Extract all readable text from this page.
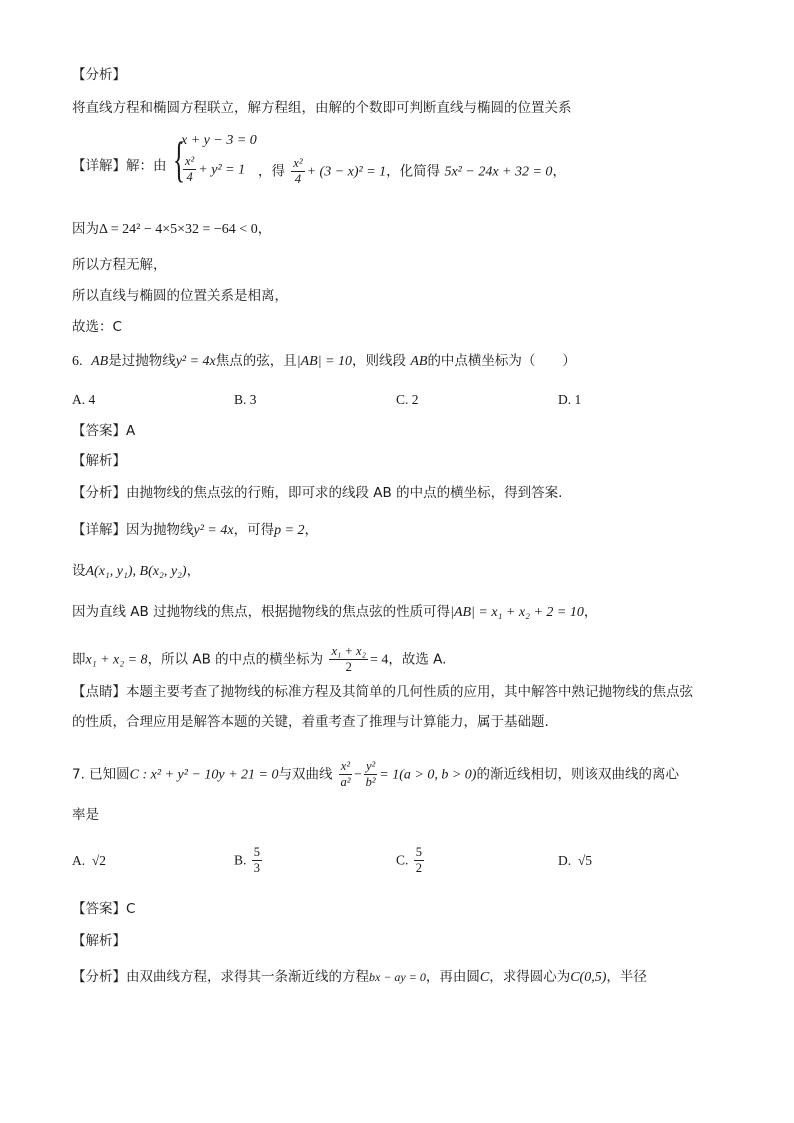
【分析】
将直线方程和椭圆方程联立，解方程组，由解的个数即可判断直线与椭圆的位置关系
【详解】解：由 {
x + y − 3 = 0
$\frac{\text{x²}}{4} + y^2 = 1$ ，得 $\frac{\text{x²}}{4} + (3 - x)^2 = 1$，化简得 5x² − 24x + 32 = 0，
因为Δ = 24² − 4×5×32 = −64 < 0，
所以方程无解，
所以直线与椭圆的位置关系是相离，
故选：C
6. AB是过抛物线y² = 4x焦点的弦，且|AB| = 10，则线段 AB的中点横坐标为（　　）
A. 4	B. 3	C. 2	D. 1
【答案】A
【解析】
【分析】由抛物线的焦点弦的行贿，即可求的线段 AB 的中点的横坐标，得到答案.
【详解】因为抛物线y² = 4x，可得p = 2，
设A(x₁, y₁), B(x₂, y₂)，
因为直线 AB 过抛物线的焦点，根据抛物线的焦点弦的性质可得|AB| = x₁ + x₂ + 2 = 10，
即x₁ + x₂ = 8，所以 AB 的中点的横坐标为 $\frac{\text{x₁ + x₂}}{2} = 4$，故选 A.
【点睛】本题主要考查了抛物线的标准方程及其简单的几何性质的应用，其中解答中熟记抛物线的焦点弦
的性质，合理应用是解答本题的关键，着重考查了推理与计算能力，属于基础题.
7. 已知圆C : x² + y² − 10y + 21 = 0与双曲线 $\frac{\text{x²}}{\text{a²}} - \frac{\text{y²}}{\text{b²}} = 1(a > 0$, b > 0)的渐近线相切，则该双曲线的离心
率是
A. √2	B. $\frac{5}{3}$	C. $\frac{5}{2}$	D. √5
【答案】C
【解析】
【分析】由双曲线方程，求得其一条渐近线的方程bx − ay = 0，再由圆C，求得圆心为C(0,5)，半径
